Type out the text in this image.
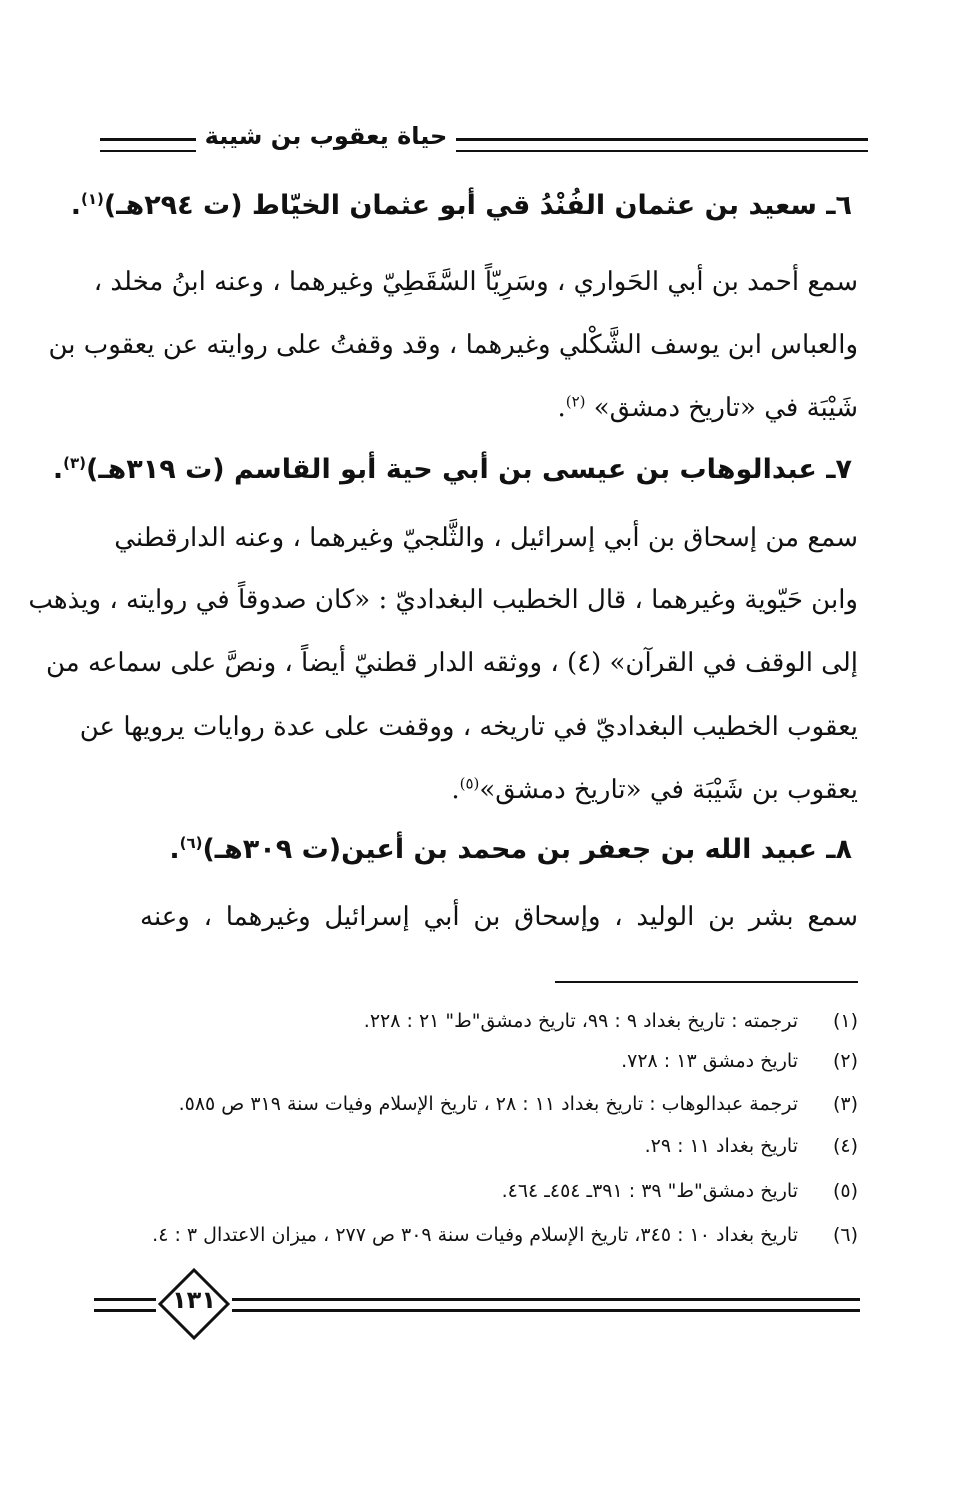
حياة يعقوب بن شيبة
٦ـ سعيد بن عثمان الفُنْدُ قي أبو عثمان الخيّاط (ت ٢٩٤هـ)$^{(١)}$.
سمع أحمد بن أبي الحَواري ، وسَرِيّاً السَّقَطِيّ وغيرهما ، وعنه ابنُ مخلد ،
والعباس ابن يوسف الشَّكْلي وغيرهما ، وقد وقفتُ على روايته عن يعقوب بن
شَيْبَة في «تاريخ دمشق» $^{(٢)}$.
٧ـ عبدالوهاب بن عيسى بن أبي حية أبو القاسم (ت ٣١٩هـ)$^{(٣)}$.
سمع من إسحاق بن أبي إسرائيل ، والثَّلجيّ وغيرهما ، وعنه الدارقطني
وابن حَيّوية وغيرهما ، قال الخطيب البغداديّ : «كان صدوقاً في روايته ، ويذهب
إلى الوقف في القرآن» (٤) ، ووثقه الدار قطنيّ أيضاً ، ونصَّ على سماعه من
يعقوب الخطيب البغداديّ في تاريخه ، ووقفت على عدة روايات يرويها عن
يعقوب بن شَيْبَة في «تاريخ دمشق»$^{(٥)}$.
٨ـ عبيد الله بن جعفر بن محمد بن أعين(ت ٣٠٩هـ)$^{(٦)}$.
سمع بشر بن الوليد ، وإسحاق بن أبي إسرائيل وغيرهما ، وعنه
(١)ترجمته : تاريخ بغداد ٩ : ٩٩، تاريخ دمشق"ط" ٢١ : ٢٢٨.
(٢)تاريخ دمشق ١٣ : ٧٢٨.
(٣)ترجمة عبدالوهاب : تاريخ بغداد ١١ : ٢٨ ، تاريخ الإسلام وفيات سنة ٣١٩ ص ٥٨٥.
(٤)تاريخ بغداد ١١ : ٢٩.
(٥)تاريخ دمشق"ط" ٣٩ : ٣٩١ـ ٤٥٤ـ ٤٦٤.
(٦)تاريخ بغداد ١٠ : ٣٤٥، تاريخ الإسلام وفيات سنة ٣٠٩ ص ٢٧٧ ، ميزان الاعتدال ٣ : ٤.
١٣١
